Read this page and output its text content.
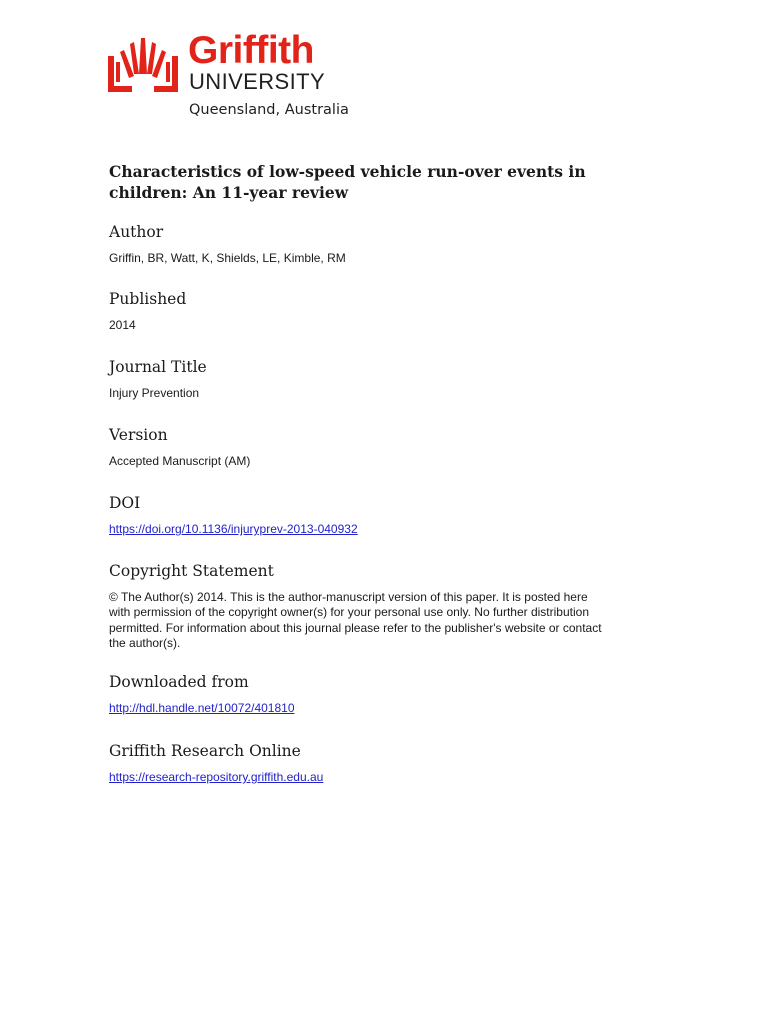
Griffith
UNIVERSITY
Queensland, Australia
Characteristics of low-speed vehicle run-over events in
children: An 11-year review
Author
Griffin, BR, Watt, K, Shields, LE, Kimble, RM
Published
2014
Journal Title
Injury Prevention
Version
Accepted Manuscript (AM)
DOI
https://doi.org/10.1136/injuryprev-2013-040932
Copyright Statement
© The Author(s) 2014. This is the author-manuscript version of this paper. It is posted here
with permission of the copyright owner(s) for your personal use only. No further distribution
permitted. For information about this journal please refer to the publisher's website or contact
the author(s).
Downloaded from
http://hdl.handle.net/10072/401810
Griffith Research Online
https://research-repository.griffith.edu.au
